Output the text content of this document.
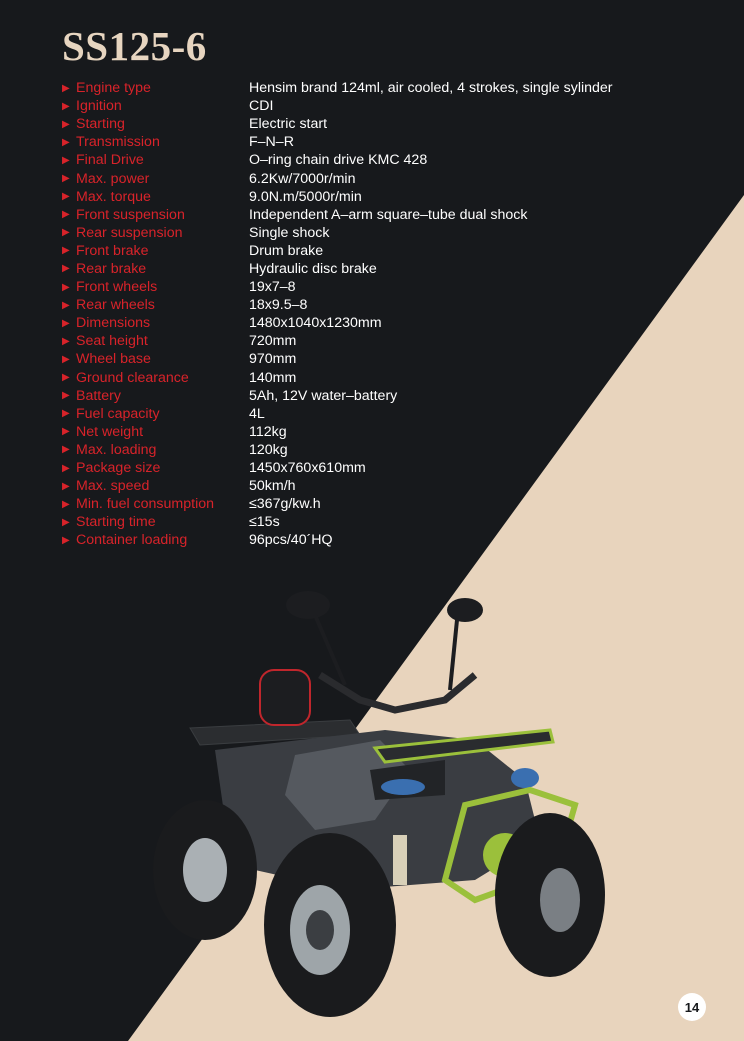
SS125-6
▶ Engine type	Hensim brand 124ml, air cooled, 4 strokes, single sylinder
▶ Ignition	CDI
▶ Starting	Electric start
▶ Transmission	F–N–R
▶ Final Drive	O–ring chain drive KMC 428
▶ Max. power	6.2Kw/7000r/min
▶ Max. torque	9.0N.m/5000r/min
▶ Front suspension	Independent A–arm square–tube dual shock
▶ Rear suspension	Single shock
▶ Front brake	Drum brake
▶ Rear brake	Hydraulic disc brake
▶ Front wheels	19x7–8
▶ Rear wheels	18x9.5–8
▶ Dimensions	1480x1040x1230mm
▶ Seat height	720mm
▶ Wheel base	970mm
▶ Ground clearance	140mm
▶ Battery	5Ah, 12V water–battery
▶ Fuel capacity	4L
▶ Net weight	112kg
▶ Max. loading	120kg
▶ Package size	1450x760x610mm
▶ Max. speed	50km/h
▶ Min. fuel consumption	≤367g/kw.h
▶ Starting time	≤15s
▶ Container loading	96pcs/40´HQ
14
